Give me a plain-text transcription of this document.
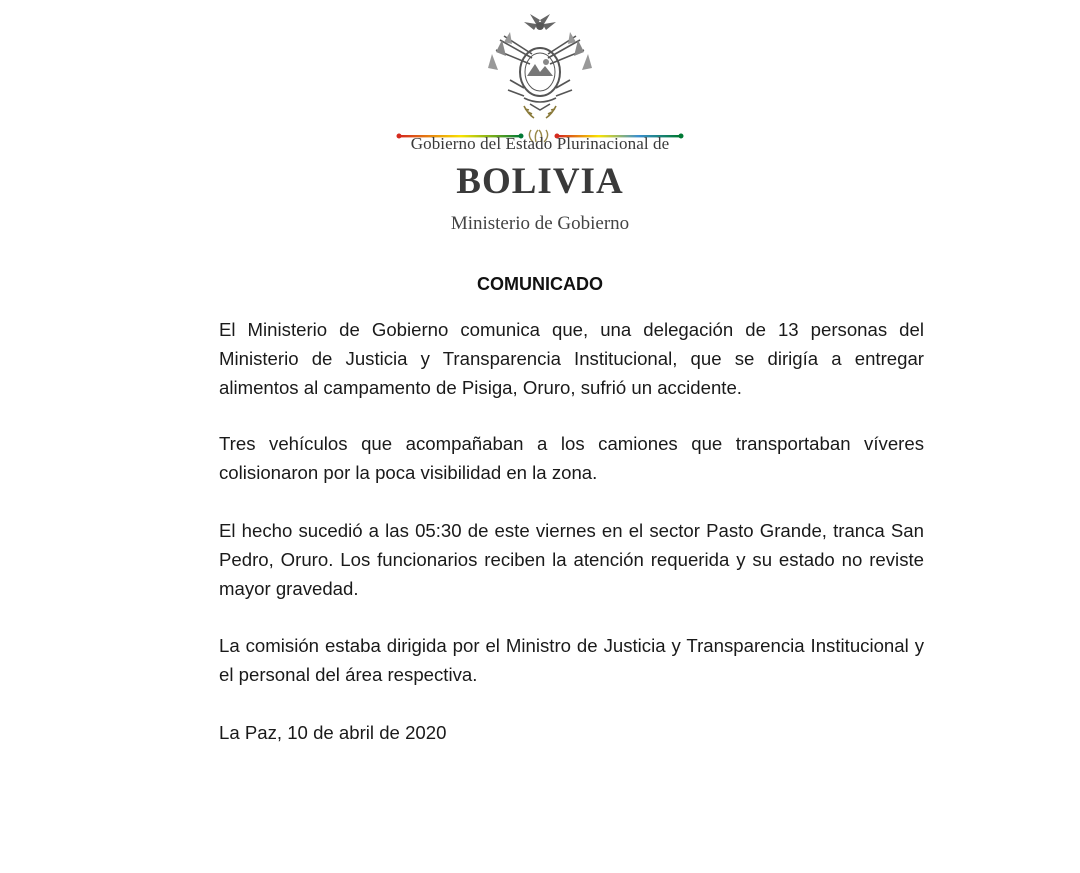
Gobierno del Estado Plurinacional de
BOLIVIA
Ministerio de Gobierno
COMUNICADO

El Ministerio de Gobierno comunica que, una delegación de 13 personas del Ministerio de Justicia y Transparencia Institucional, que se dirigía a entregar alimentos al campamento de Pisiga, Oruro, sufrió un accidente.

Tres vehículos que acompañaban a los camiones que transportaban víveres colisionaron por la poca visibilidad en la zona.

El hecho sucedió a las 05:30 de este viernes en el sector Pasto Grande, tranca San Pedro, Oruro. Los funcionarios reciben la atención requerida y su estado no reviste mayor gravedad.

La comisión estaba dirigida por el Ministro de Justicia y Transparencia Institucional y el personal del área respectiva.

La Paz, 10 de abril de 2020
